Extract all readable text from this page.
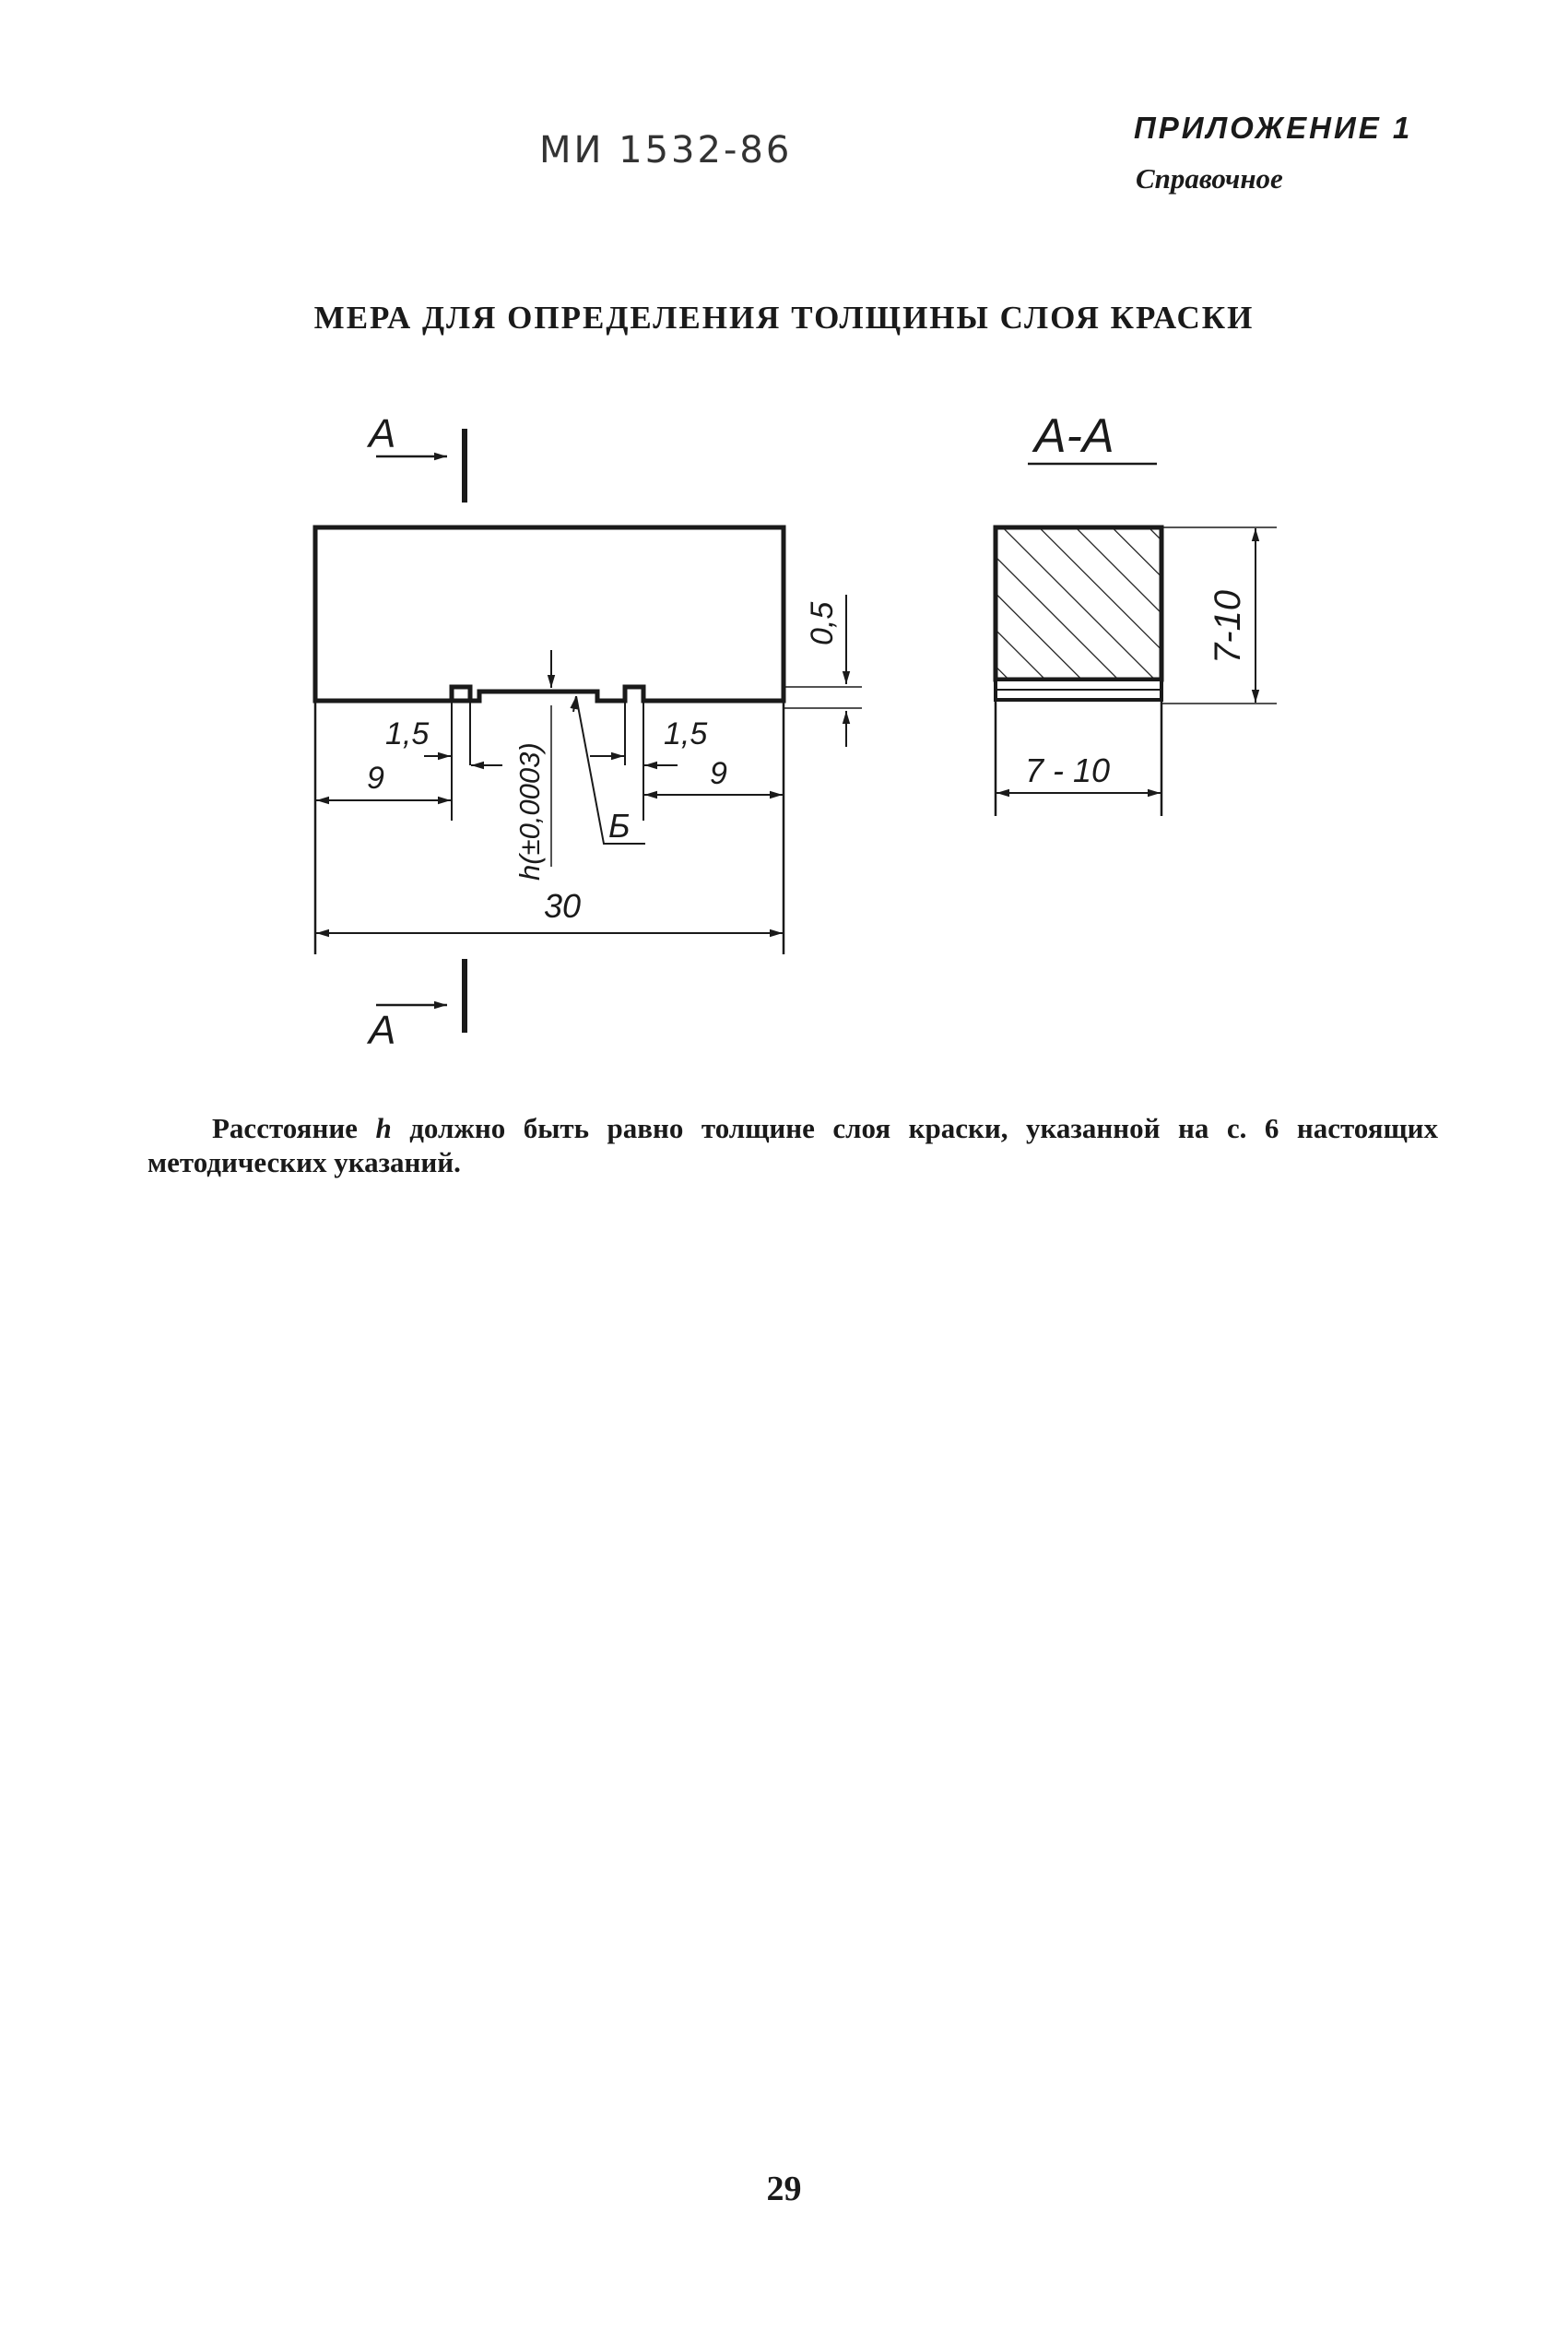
МИ 1532-86
ПРИЛОЖЕНИЕ 1
Справочное
МЕРА ДЛЯ ОПРЕДЕЛЕНИЯ ТОЛЩИНЫ СЛОЯ КРАСКИ
А
А
А-А
0,5
1,5	1,5
9	9
h(±0,0003) Б
30
7-10
7 - 10
Расстояние h должно быть равно толщине слоя краски, указанной на с. 6 настоящих методических указаний.
29
